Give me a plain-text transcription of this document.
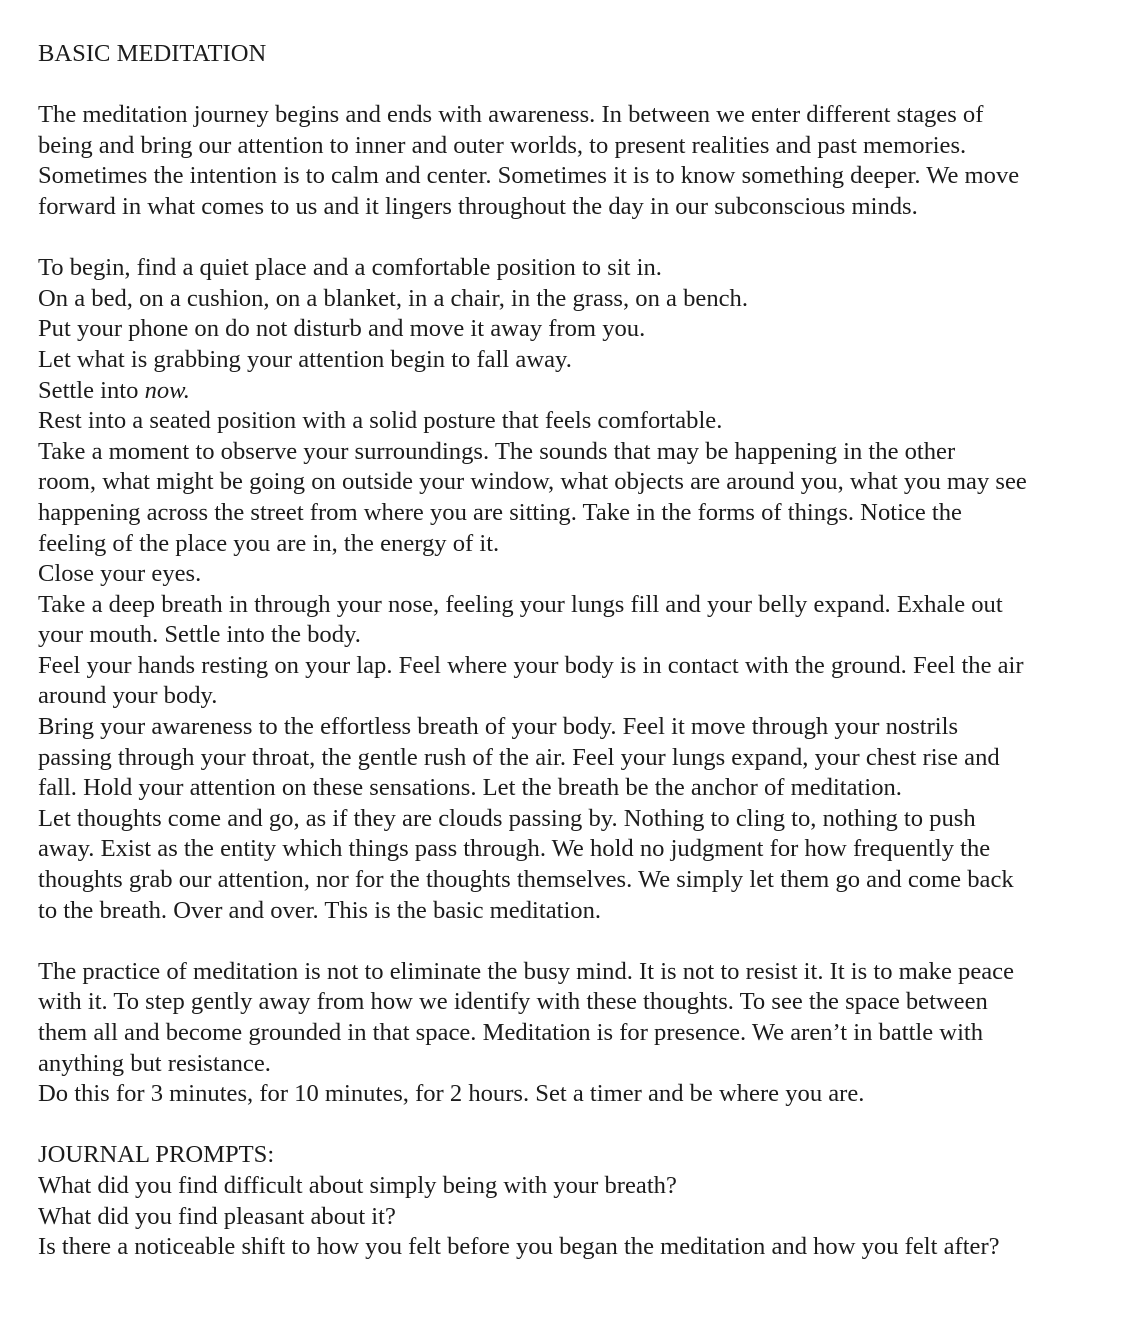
BASIC MEDITATION
The meditation journey begins and ends with awareness. In between we enter different stages of
being and bring our attention to inner and outer worlds, to present realities and past memories.
Sometimes the intention is to calm and center. Sometimes it is to know something deeper. We move
forward in what comes to us and it lingers throughout the day in our subconscious minds.
To begin, find a quiet place and a comfortable position to sit in.
On a bed, on a cushion, on a blanket, in a chair, in the grass, on a bench.
Put your phone on do not disturb and move it away from you.
Let what is grabbing your attention begin to fall away.
Settle into now.
Rest into a seated position with a solid posture that feels comfortable.
Take a moment to observe your surroundings. The sounds that may be happening in the other
room, what might be going on outside your window, what objects are around you, what you may see
happening across the street from where you are sitting. Take in the forms of things. Notice the
feeling of the place you are in, the energy of it.
Close your eyes.
Take a deep breath in through your nose, feeling your lungs fill and your belly expand. Exhale out
your mouth. Settle into the body.
Feel your hands resting on your lap. Feel where your body is in contact with the ground. Feel the air
around your body.
Bring your awareness to the effortless breath of your body. Feel it move through your nostrils
passing through your throat, the gentle rush of the air. Feel your lungs expand, your chest rise and
fall. Hold your attention on these sensations. Let the breath be the anchor of meditation.
Let thoughts come and go, as if they are clouds passing by. Nothing to cling to, nothing to push
away. Exist as the entity which things pass through. We hold no judgment for how frequently the
thoughts grab our attention, nor for the thoughts themselves. We simply let them go and come back
to the breath. Over and over. This is the basic meditation.
The practice of meditation is not to eliminate the busy mind. It is not to resist it. It is to make peace
with it. To step gently away from how we identify with these thoughts. To see the space between
them all and become grounded in that space. Meditation is for presence. We aren’t in battle with
anything but resistance.
Do this for 3 minutes, for 10 minutes, for 2 hours. Set a timer and be where you are.
JOURNAL PROMPTS:
What did you find difficult about simply being with your breath?
What did you find pleasant about it?
Is there a noticeable shift to how you felt before you began the meditation and how you felt after?
